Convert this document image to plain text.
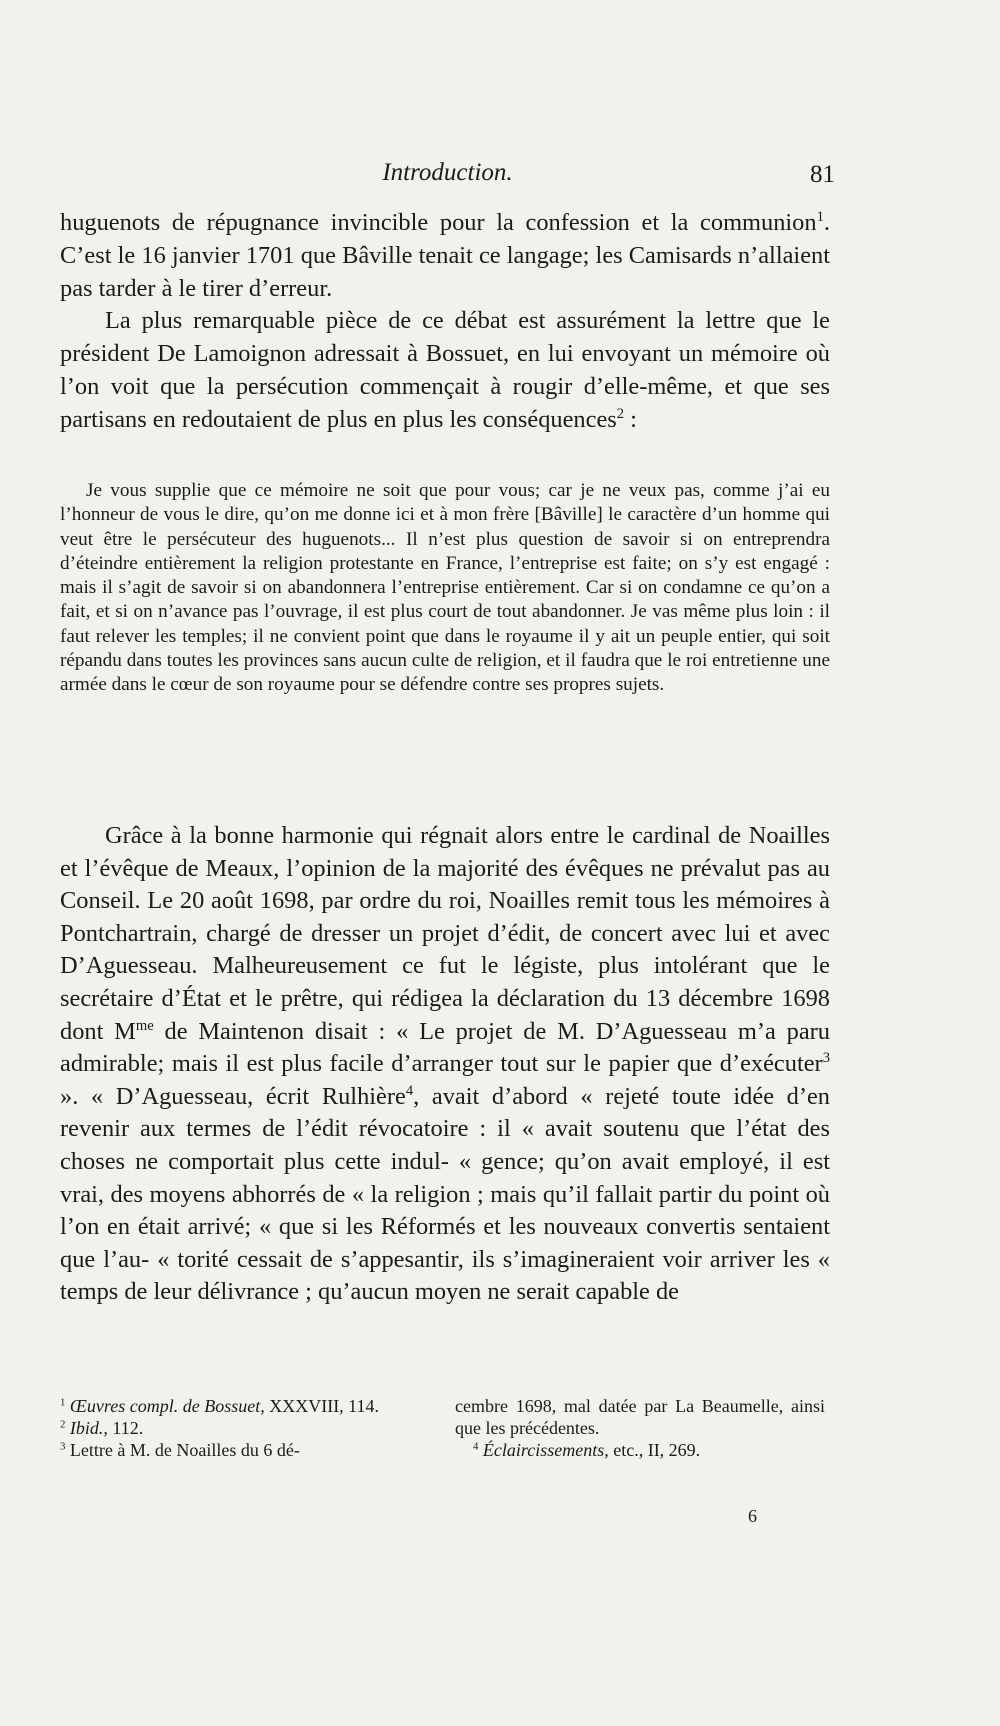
Introduction.	81

huguenots de répugnance invincible pour la confession et la communion$^1$. C’est le 16 janvier 1701 que Bâville tenait ce langage; les Camisards n’allaient pas tarder à le tirer d’erreur.

La plus remarquable pièce de ce débat est assurément la lettre que le président De Lamoignon adressait à Bossuet, en lui envoyant un mémoire où l’on voit que la persécution commençait à rougir d’elle-même, et que ses partisans en redoutaient de plus en plus les conséquences$^2$ :

Je vous supplie que ce mémoire ne soit que pour vous; car je ne veux pas, comme j’ai eu l’honneur de vous le dire, qu’on me donne ici et à mon frère [Bâville] le caractère d’un homme qui veut être le persécuteur des huguenots... Il n’est plus question de savoir si on entreprendra d’éteindre entièrement la religion protestante en France, l’entreprise est faite; on s’y est engagé : mais il s’agit de savoir si on abandonnera l’entreprise entièrement. Car si on condamne ce qu’on a fait, et si on n’avance pas l’ouvrage, il est plus court de tout abandonner. Je vas même plus loin : il faut relever les temples; il ne convient point que dans le royaume il y ait un peuple entier, qui soit répandu dans toutes les provinces sans aucun culte de religion, et il faudra que le roi entretienne une armée dans le cœur de son royaume pour se défendre contre ses propres sujets.

Grâce à la bonne harmonie qui régnait alors entre le cardinal de Noailles et l’évêque de Meaux, l’opinion de la majorité des évêques ne prévalut pas au Conseil. Le 20 août 1698, par ordre du roi, Noailles remit tous les mémoires à Pontchartrain, chargé de dresser un projet d’édit, de concert avec lui et avec D’Aguesseau. Malheureusement ce fut le légiste, plus intolérant que le secrétaire d’État et le prêtre, qui rédigea la déclaration du 13 décembre 1698 dont $M^{me}$ de Maintenon disait : « Le projet de M. D’Aguesseau m’a paru admirable; mais il est plus facile d’arranger tout sur le papier que d’exécuter$^3$ ». « D’Aguesseau, écrit Rulhière$^4$, avait d’abord « rejeté toute idée d’en revenir aux termes de l’édit révocatoire : il « avait soutenu que l’état des choses ne comportait plus cette indul- « gence; qu’on avait employé, il est vrai, des moyens abhorrés de « la religion ; mais qu’il fallait partir du point où l’on en était arrivé; « que si les Réformés et les nouveaux convertis sentaient que l’au- « torité cessait de s’appesantir, ils s’imagineraient voir arriver les « temps de leur délivrance ; qu’aucun moyen ne serait capable de

$^1$ Œuvres compl. de Bossuet, XXXVIII, 114.

$^2$ Ibid., 112.

$^3$ Lettre à M. de Noailles du 6 dé-

cembre 1698, mal datée par La Beaumelle, ainsi que les précédentes.

$^4$ Éclaircissements, etc., II, 269.

6
